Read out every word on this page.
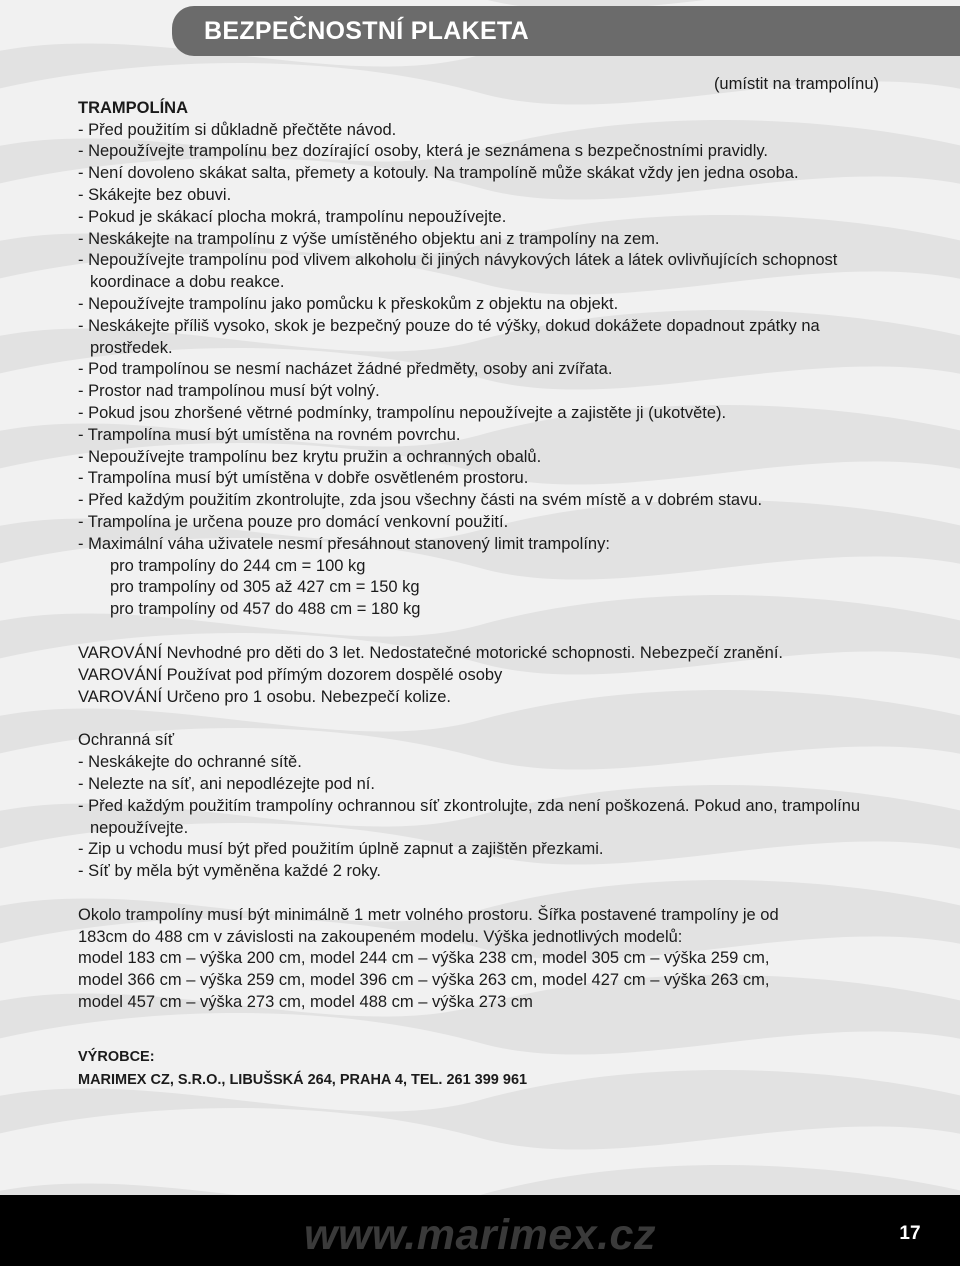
BEZPEČNOSTNÍ PLAKETA

(umístit na trampolínu)

TRAMPOLÍNA

- Před použitím si důkladně přečtěte návod.
- Nepoužívejte trampolínu bez dozírající osoby, která je seznámena s bezpečnostními pravidly.
- Není dovoleno skákat salta, přemety a kotouly. Na trampolíně může skákat vždy jen jedna osoba.
- Skákejte bez obuvi.
- Pokud je skákací plocha mokrá, trampolínu nepoužívejte.
- Neskákejte na trampolínu z výše umístěného objektu ani z trampolíny na zem.
- Nepoužívejte trampolínu pod vlivem alkoholu či jiných návykových látek a látek ovlivňujících schopnost koordinace a dobu reakce.
- Nepoužívejte trampolínu jako pomůcku k přeskokům z objektu na objekt.
- Neskákejte příliš vysoko, skok je bezpečný pouze do té výšky, dokud dokážete dopadnout zpátky na prostředek.
- Pod trampolínou se nesmí nacházet žádné předměty, osoby ani zvířata.
- Prostor nad trampolínou musí být volný.
- Pokud jsou zhoršené větrné podmínky, trampolínu nepoužívejte a zajistěte ji (ukotvěte).
- Trampolína musí být umístěna na rovném povrchu.
- Nepoužívejte trampolínu bez krytu pružin a ochranných obalů.
- Trampolína musí být umístěna v dobře osvětleném prostoru.
- Před každým použitím zkontrolujte, zda jsou všechny části na svém místě a v dobrém stavu.
- Trampolína je určena pouze pro domácí venkovní použití.
- Maximální váha uživatele nesmí přesáhnout stanovený limit trampolíny:
pro trampolíny do 244 cm = 100 kg
pro trampolíny od 305 až 427 cm = 150 kg
pro trampolíny od 457 do 488 cm = 180 kg

VAROVÁNÍ Nevhodné pro děti do 3 let. Nedostatečné motorické schopnosti. Nebezpečí zranění.

VAROVÁNÍ Používat pod přímým dozorem dospělé osoby

VAROVÁNÍ Určeno pro 1 osobu. Nebezpečí kolize.

Ochranná síť

- Neskákejte do ochranné sítě.
- Nelezte na síť, ani nepodlézejte pod ní.
- Před každým použitím trampolíny ochrannou síť zkontrolujte, zda není poškozená. Pokud ano, trampolínu nepoužívejte.
- Zip u vchodu musí být před použitím úplně zapnut a zajištěn přezkami.
- Síť by měla být vyměněna každé 2 roky.

Okolo trampolíny musí být minimálně 1 metr volného prostoru. Šířka postavené trampolíny je od

183cm do 488 cm v závislosti na zakoupeném modelu. Výška jednotlivých modelů:

model 183 cm – výška 200 cm, model 244 cm – výška 238 cm, model 305 cm – výška 259 cm,

model 366 cm – výška 259 cm, model 396 cm – výška 263 cm, model 427 cm – výška 263 cm,

model 457 cm – výška 273 cm, model 488 cm – výška 273 cm

VÝROBCE:

MARIMEX CZ, S.R.O., LIBUŠSKÁ 264, PRAHA 4, TEL. 261 399 961

www.marimex.cz	17
